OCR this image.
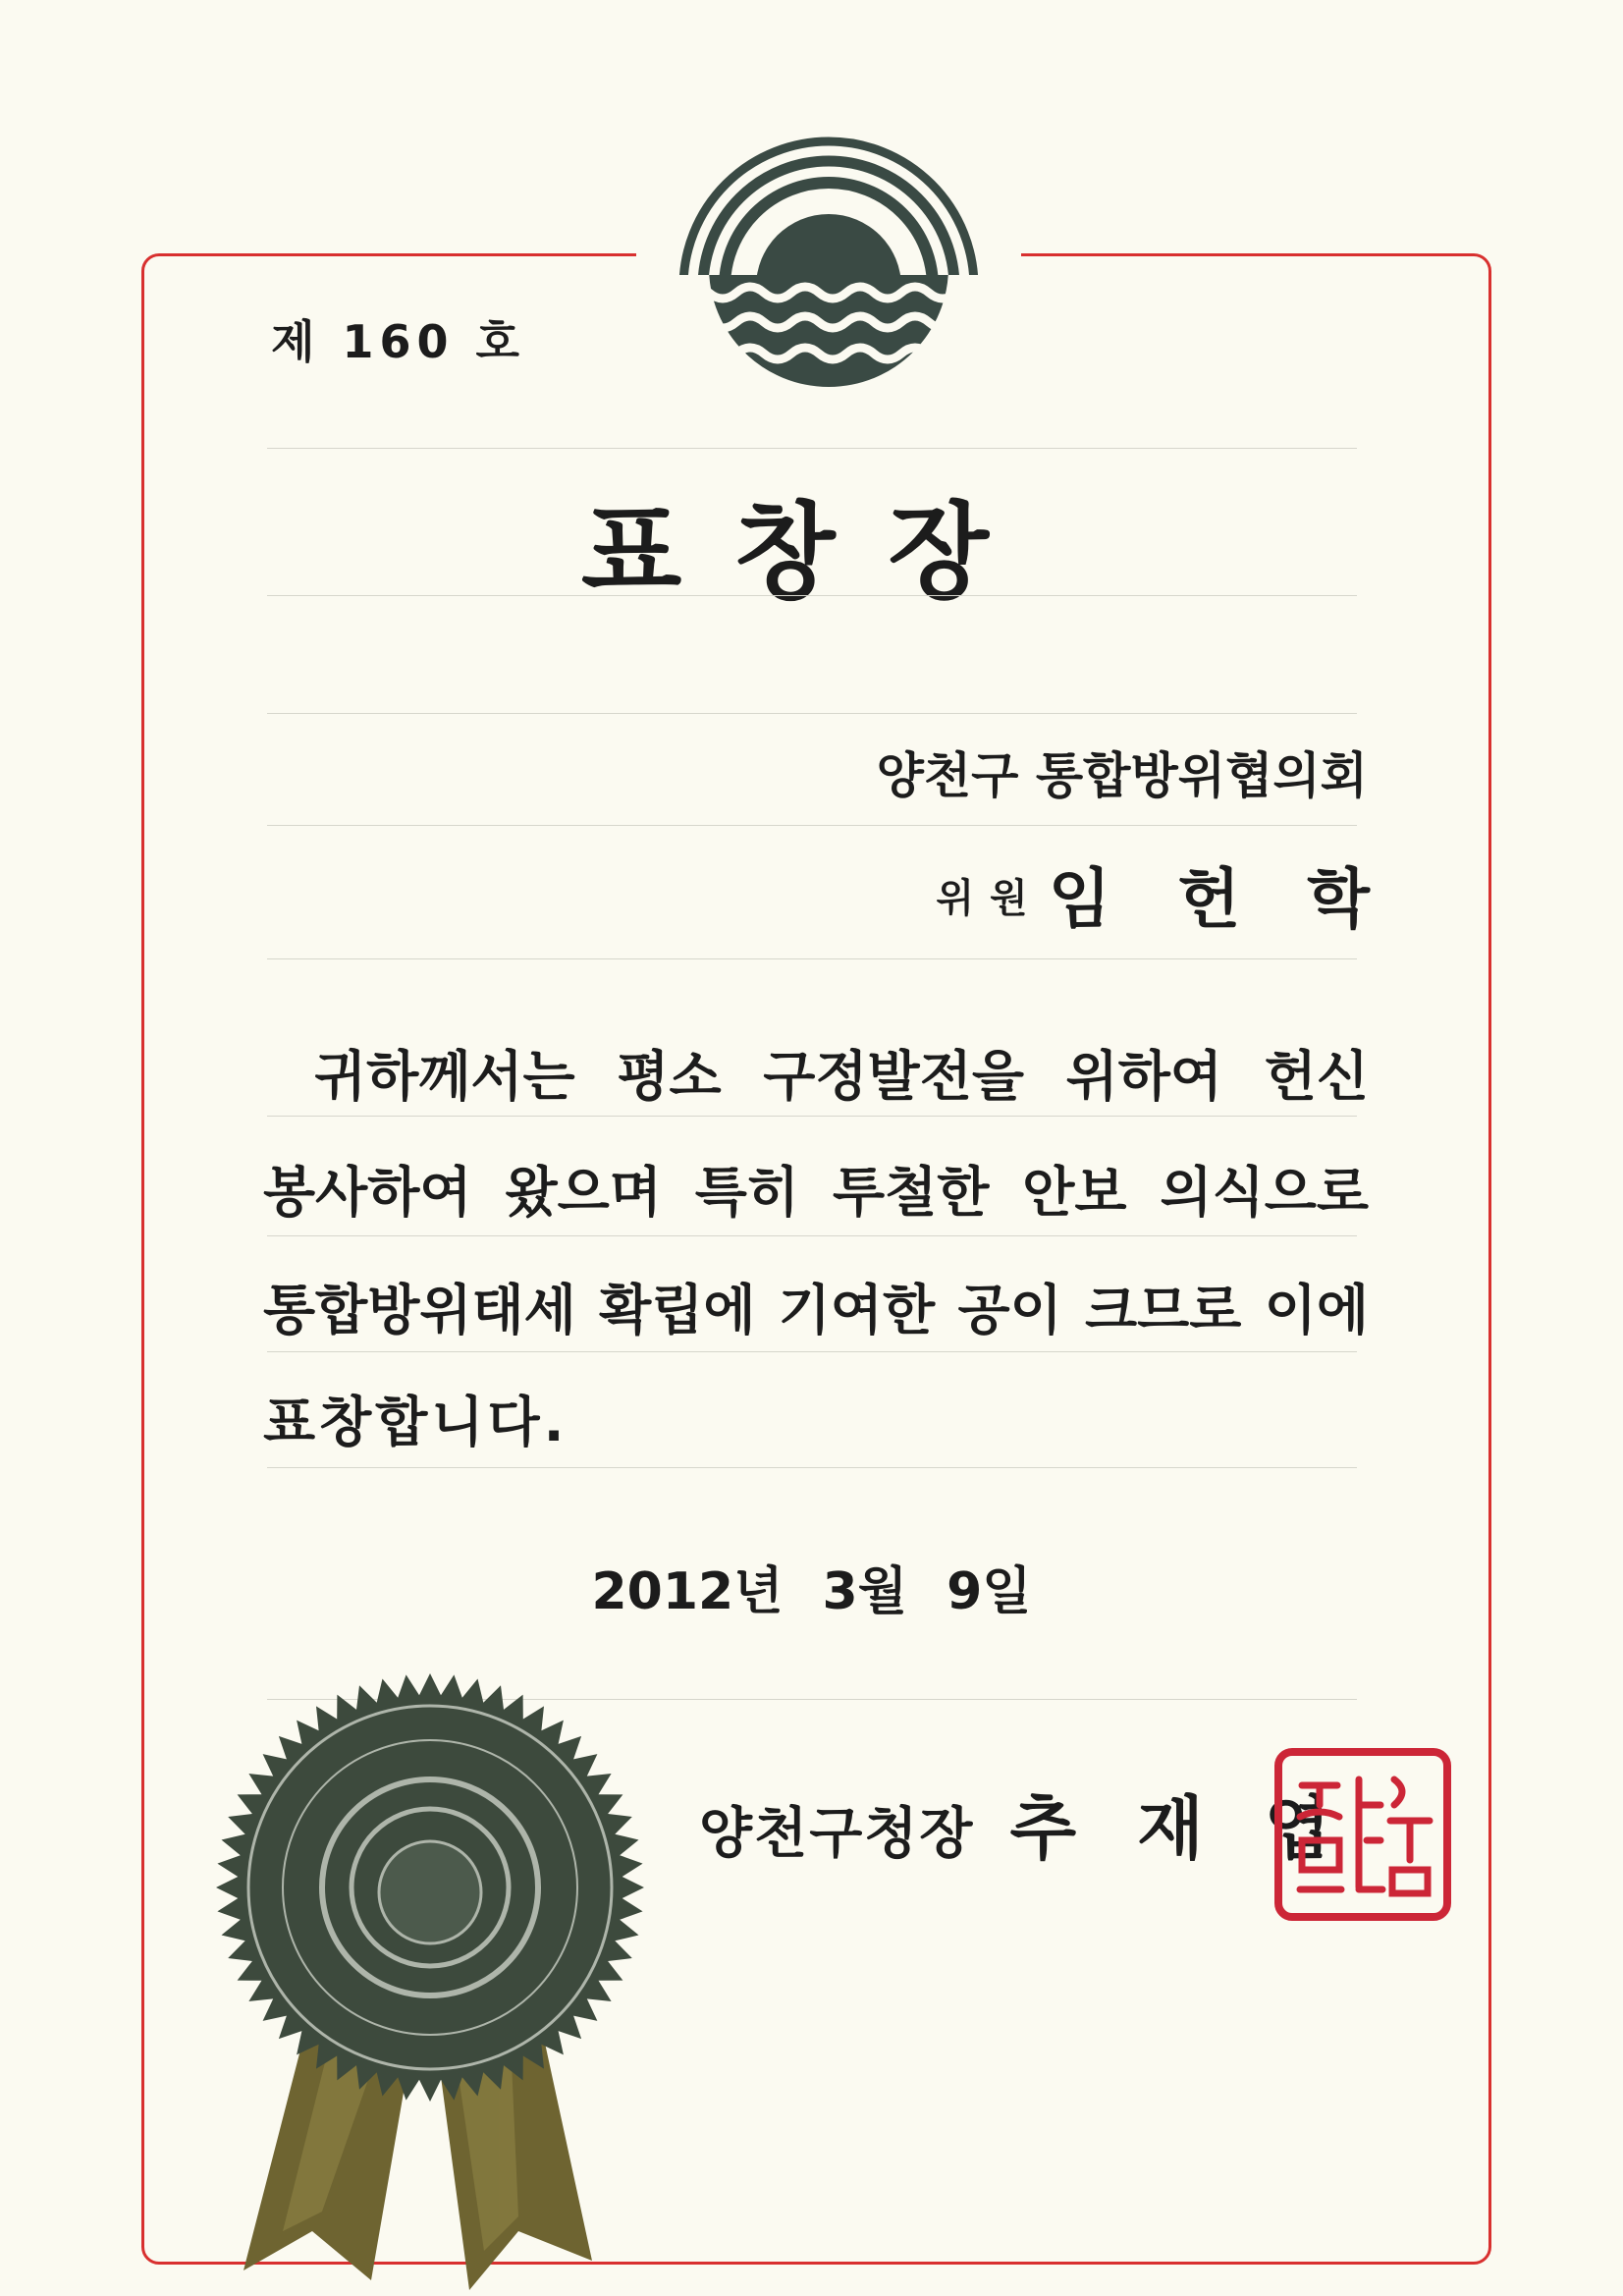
제 160 호
표창장
양천구 통합방위협의회
위원 임헌학
귀하께서는 평소 구정발전을 위하여 헌신
봉사하여 왔으며 특히 투철한 안보 의식으로
통합방위태세 확립에 기여한 공이 크므로 이에
표창합니다.
2012년 3월 9일
양천구청장 추재엽
